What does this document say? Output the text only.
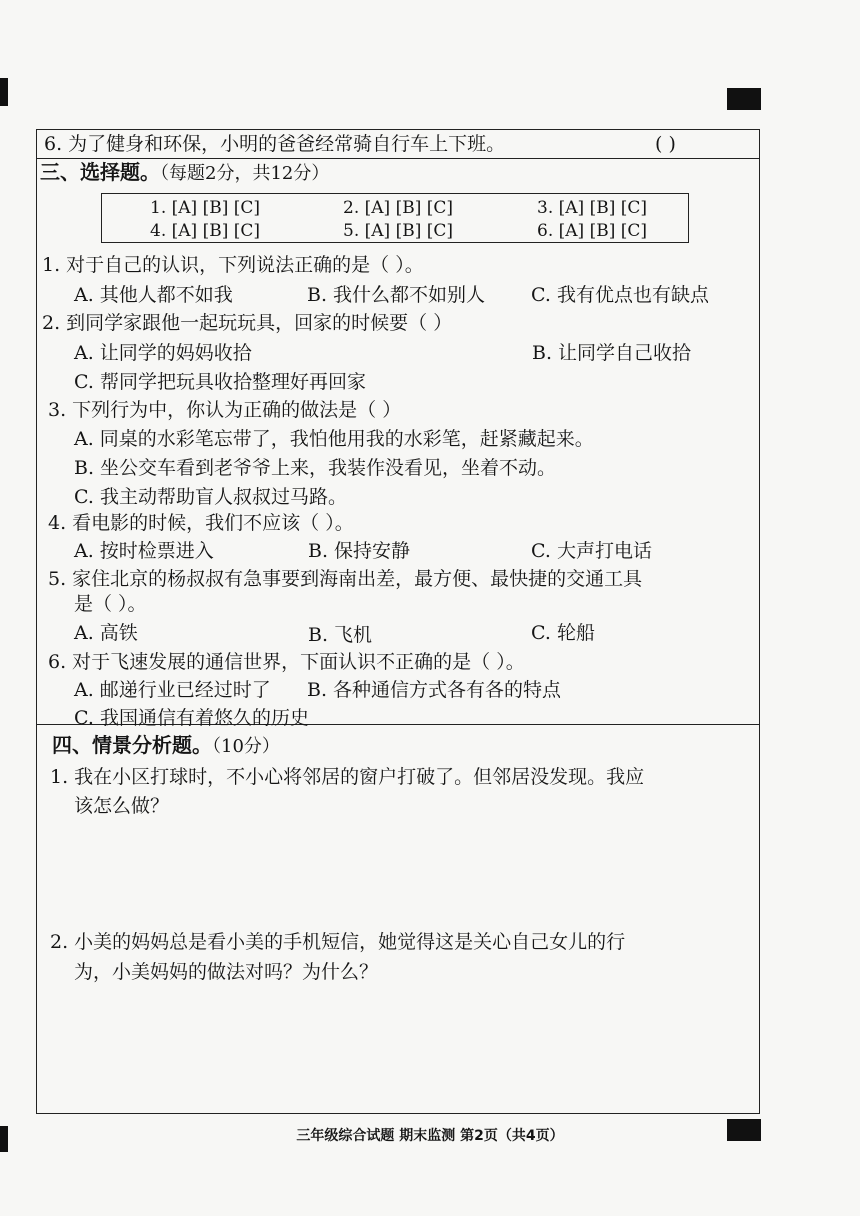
6. 为了健身和环保，小明的爸爸经常骑自行车上下班。	( )
三、选择题。（每题2分，共12分）
1. [A] [B] [C]	2. [A] [B] [C]	3. [A] [B] [C]
4. [A] [B] [C]	5. [A] [B] [C]	6. [A] [B] [C]
1. 对于自己的认识，下列说法正确的是（ ）。
A. 其他人都不如我	B. 我什么都不如别人 C. 我有优点也有缺点
2. 到同学家跟他一起玩玩具，回家的时候要（ ）
A. 让同学的妈妈收拾	B. 让同学自己收拾
C. 帮同学把玩具收拾整理好再回家
3. 下列行为中，你认为正确的做法是（ ）
A. 同桌的水彩笔忘带了，我怕他用我的水彩笔，赶紧藏起来。
B. 坐公交车看到老爷爷上来，我装作没看见，坐着不动。
C. 我主动帮助盲人叔叔过马路。
4. 看电影的时候，我们不应该（ ）。
A. 按时检票进入	B. 保持安静	C. 大声打电话
5. 家住北京的杨叔叔有急事要到海南出差，最方便、最快捷的交通工具
是（ ）。
A. 高铁	B. 飞机	C. 轮船
6. 对于飞速发展的通信世界，下面认识不正确的是（ ）。
A. 邮递行业已经过时了 B. 各种通信方式各有各的特点
C. 我国通信有着悠久的历史
四、情景分析题。（10分）
1. 我在小区打球时，不小心将邻居的窗户打破了。但邻居没发现。我应
该怎么做？
2. 小美的妈妈总是看小美的手机短信，她觉得这是关心自己女儿的行
为，小美妈妈的做法对吗？为什么？
三年级综合试题 期末监测 第2页（共4页）
